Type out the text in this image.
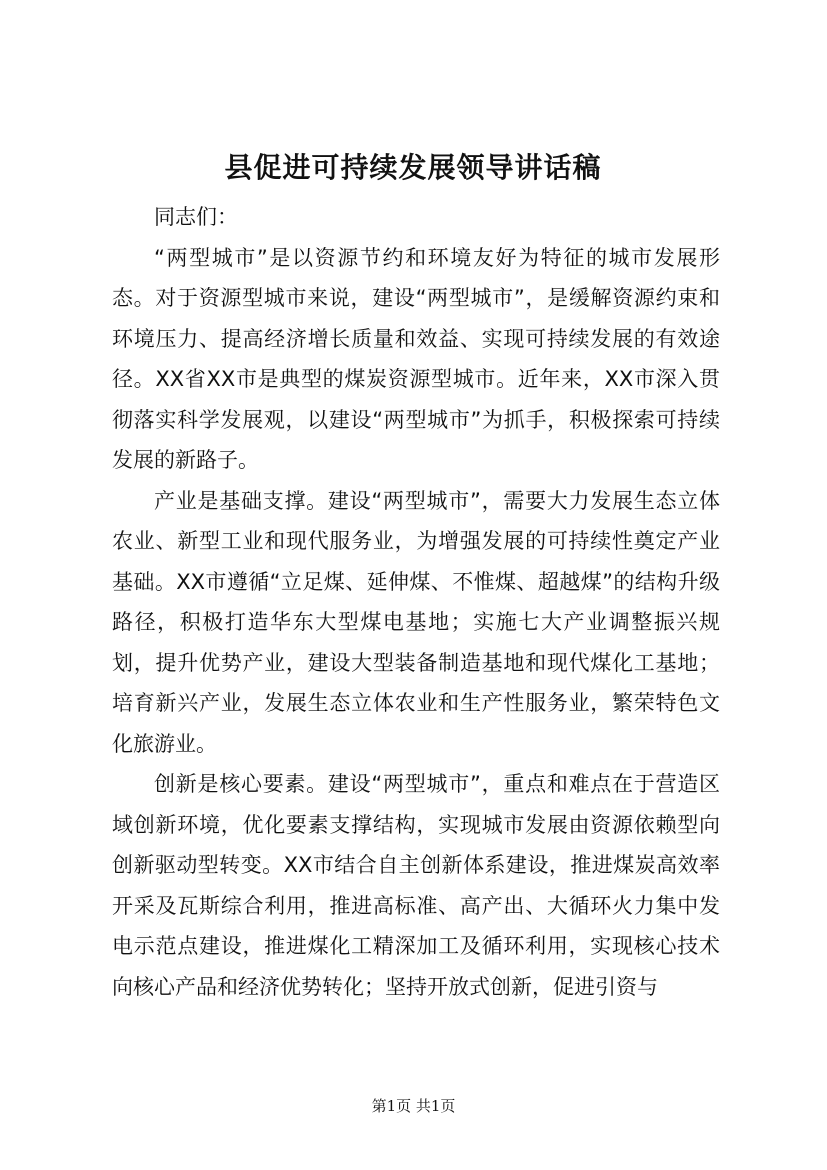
县促进可持续发展领导讲话稿

同志们：

“两型城市”是以资源节约和环境友好为特征的城市发展形态。对于资源型城市来说，建设“两型城市”，是缓解资源约束和环境压力、提高经济增长质量和效益、实现可持续发展的有效途径。XX省XX市是典型的煤炭资源型城市。近年来，XX市深入贯彻落实科学发展观，以建设“两型城市”为抓手，积极探索可持续发展的新路子。

产业是基础支撑。建设“两型城市”，需要大力发展生态立体农业、新型工业和现代服务业，为增强发展的可持续性奠定产业基础。XX市遵循“立足煤、延伸煤、不惟煤、超越煤”的结构升级路径，积极打造华东大型煤电基地；实施七大产业调整振兴规划，提升优势产业，建设大型装备制造基地和现代煤化工基地；培育新兴产业，发展生态立体农业和生产性服务业，繁荣特色文化旅游业。

创新是核心要素。建设“两型城市”，重点和难点在于营造区域创新环境，优化要素支撑结构，实现城市发展由资源依赖型向创新驱动型转变。XX市结合自主创新体系建设，推进煤炭高效率开采及瓦斯综合利用，推进高标准、高产出、大循环火力集中发电示范点建设，推进煤化工精深加工及循环利用，实现核心技术向核心产品和经济优势转化；坚持开放式创新，促进引资与

第1页 共1页
